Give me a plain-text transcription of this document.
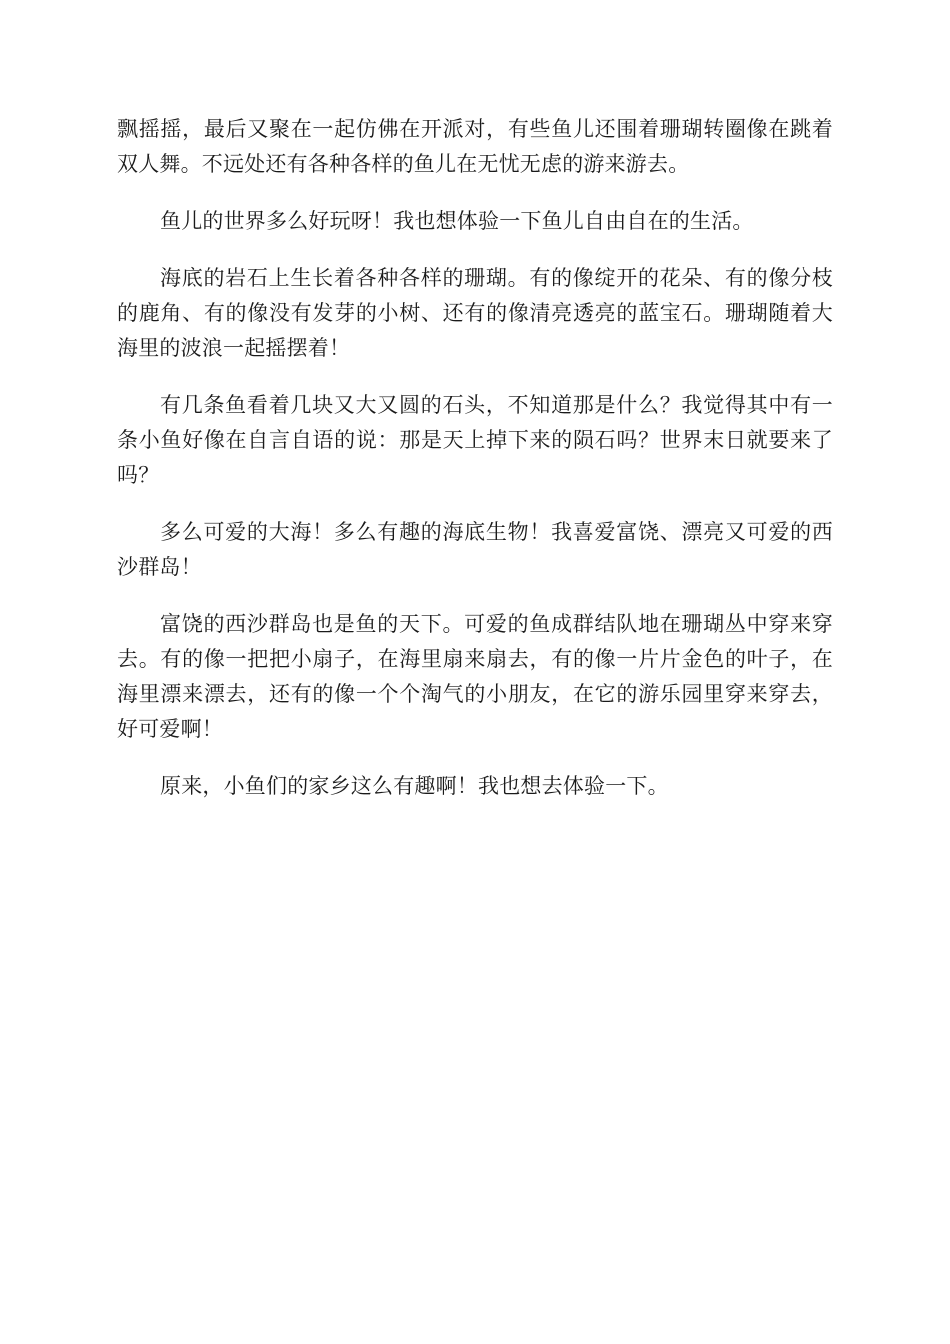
飘摇摇，最后又聚在一起仿佛在开派对，有些鱼儿还围着珊瑚转圈像在跳着双人舞。不远处还有各种各样的鱼儿在无忧无虑的游来游去。

鱼儿的世界多么好玩呀！我也想体验一下鱼儿自由自在的生活。

海底的岩石上生长着各种各样的珊瑚。有的像绽开的花朵、有的像分枝的鹿角、有的像没有发芽的小树、还有的像清亮透亮的蓝宝石。珊瑚随着大海里的波浪一起摇摆着！

有几条鱼看着几块又大又圆的石头，不知道那是什么？我觉得其中有一条小鱼好像在自言自语的说：那是天上掉下来的陨石吗？世界末日就要来了吗？

多么可爱的大海！多么有趣的海底生物！我喜爱富饶、漂亮又可爱的西沙群岛！

富饶的西沙群岛也是鱼的天下。可爱的鱼成群结队地在珊瑚丛中穿来穿去。有的像一把把小扇子，在海里扇来扇去，有的像一片片金色的叶子，在海里漂来漂去，还有的像一个个淘气的小朋友，在它的游乐园里穿来穿去，好可爱啊！

原来，小鱼们的家乡这么有趣啊！我也想去体验一下。
